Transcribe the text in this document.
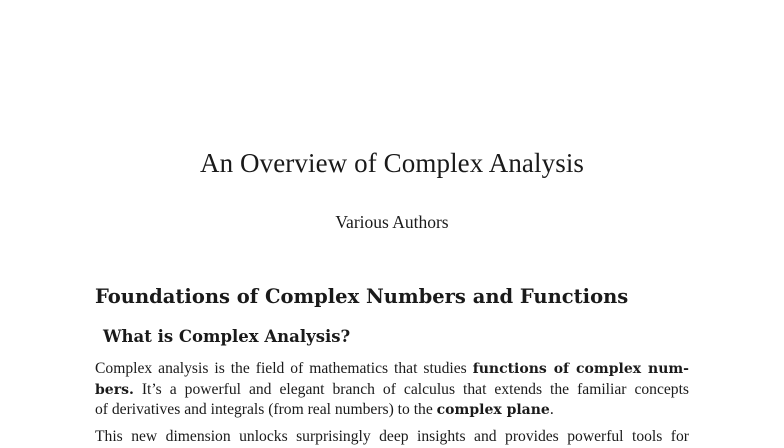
An Overview of Complex Analysis
Various Authors
Foundations of Complex Numbers and Functions
What is Complex Analysis?

Complex analysis is the field of mathematics that studies functions of complex num-
bers. It’s a powerful and elegant branch of calculus that extends the familiar concepts
of derivatives and integrals (from real numbers) to the complex plane.

This new dimension unlocks surprisingly deep insights and provides powerful tools for
